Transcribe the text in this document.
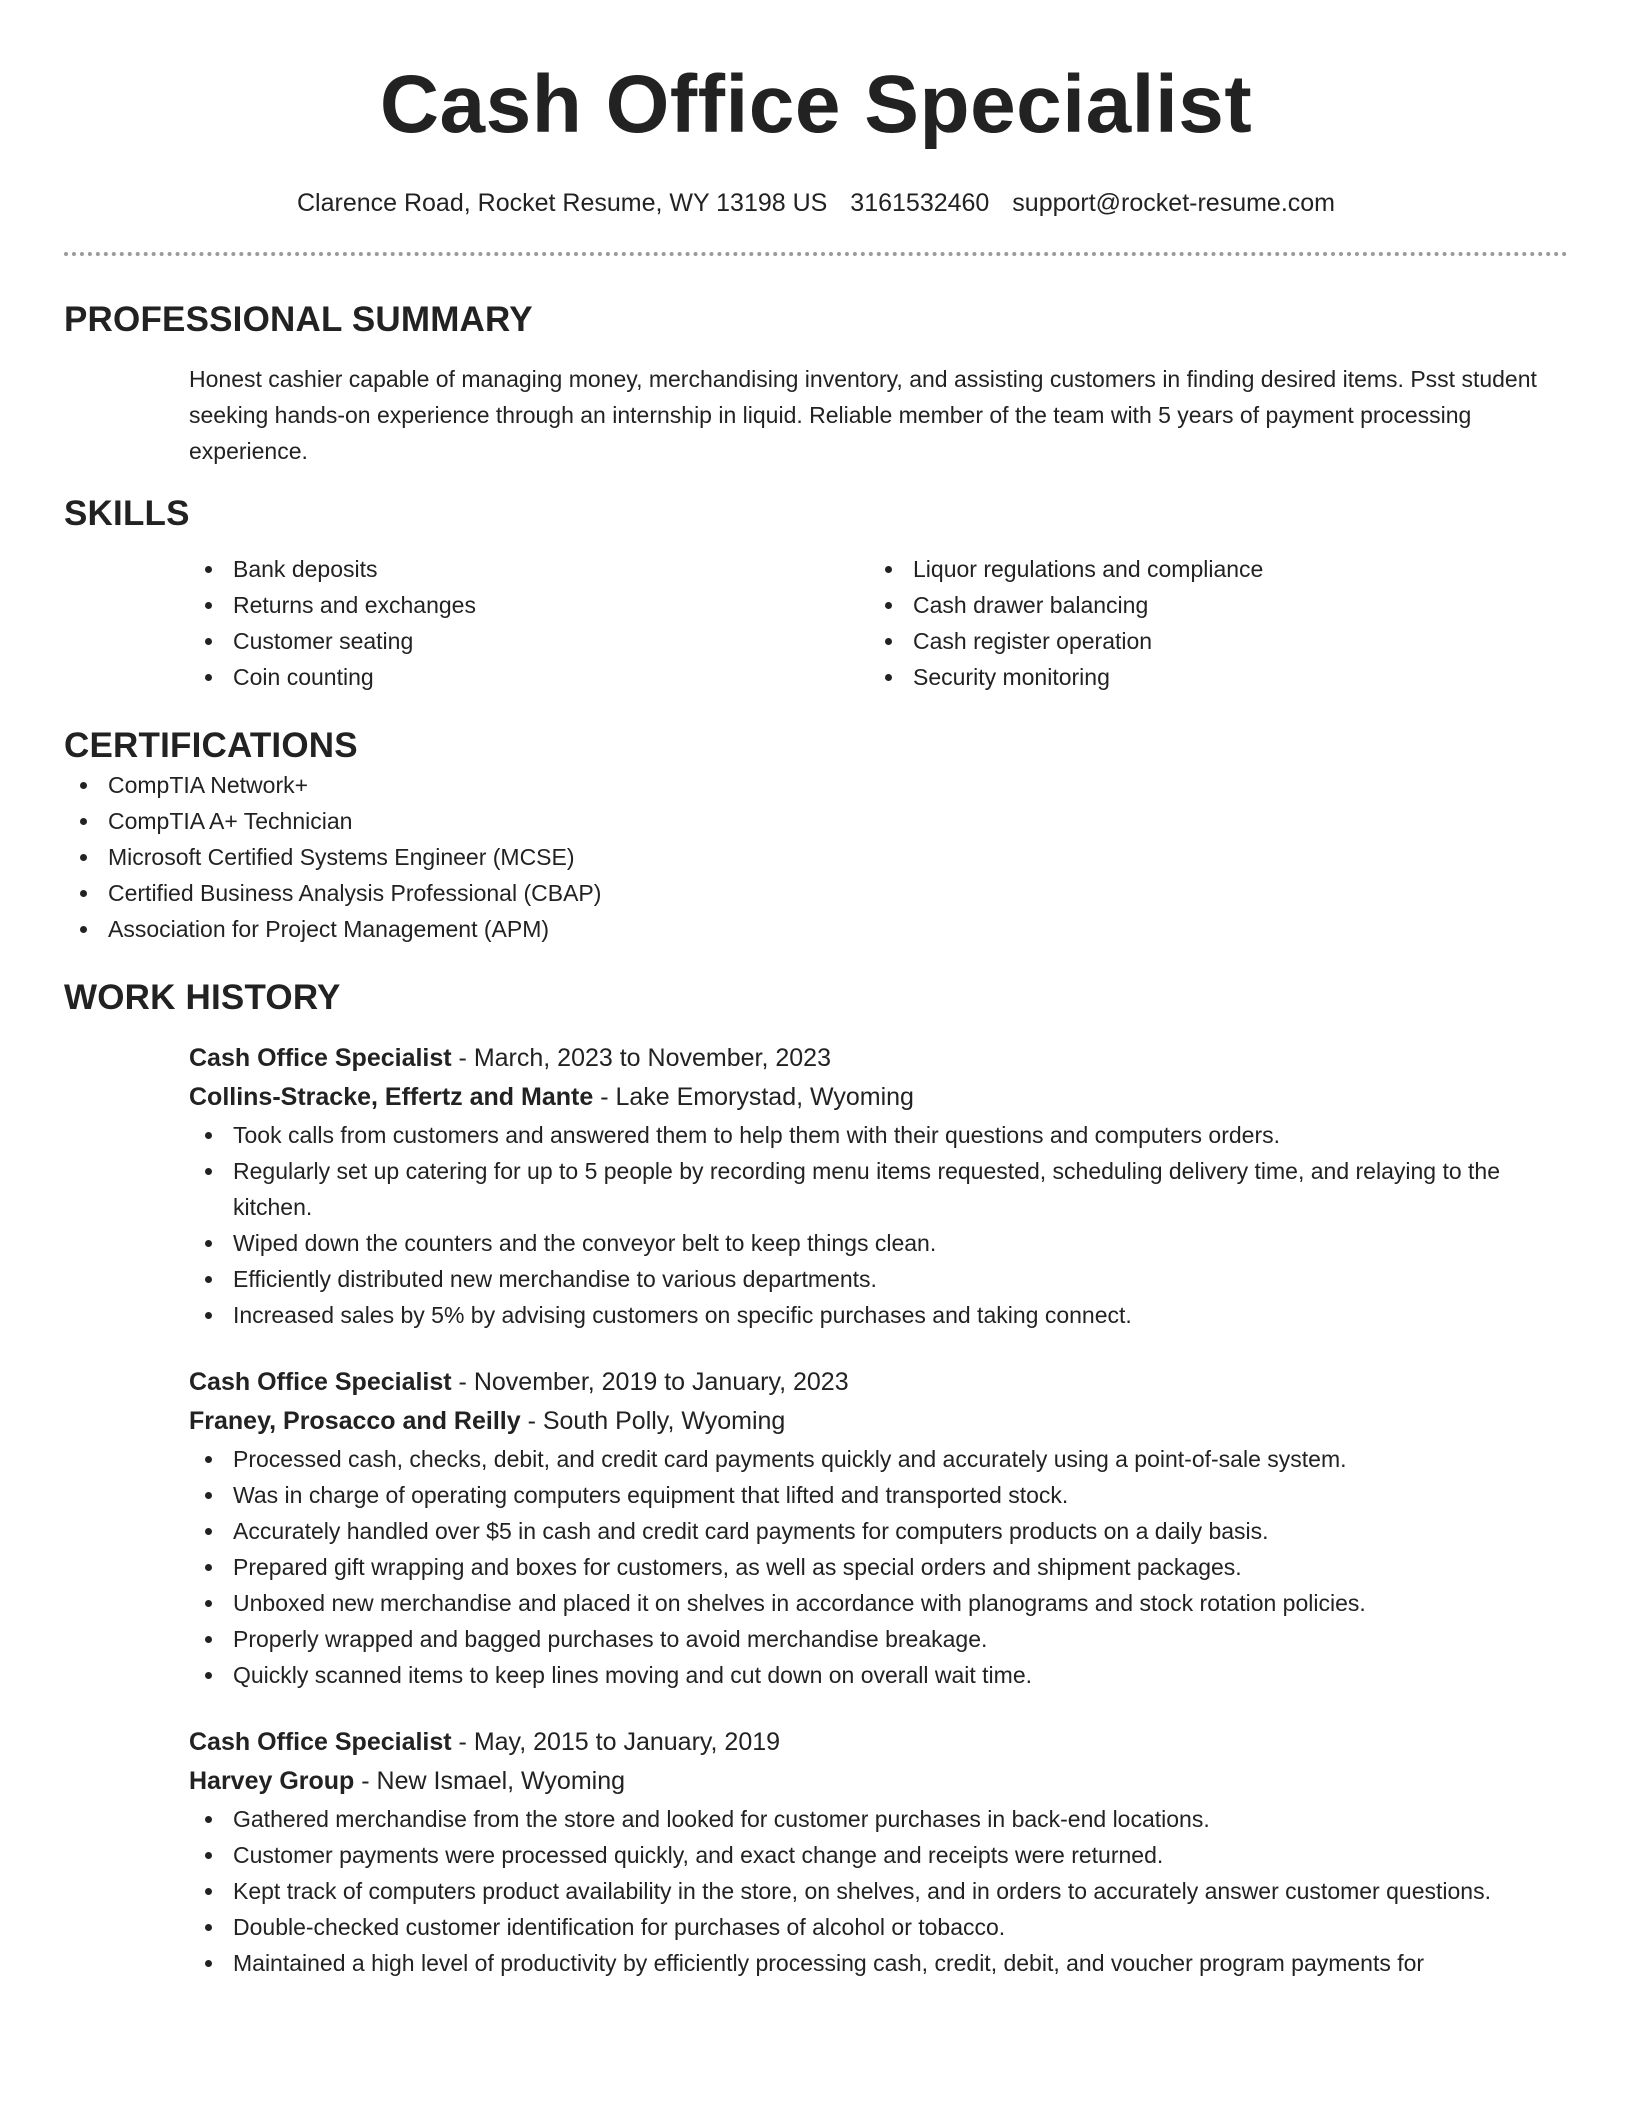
Cash Office Specialist
Clarence Road, Rocket Resume, WY 13198 US 3161532460 support@rocket-resume.com
PROFESSIONAL SUMMARY
Honest cashier capable of managing money, merchandising inventory, and assisting customers in finding desired items. Psst student seeking hands-on experience through an internship in liquid. Reliable member of the team with 5 years of payment processing experience.
SKILLS
Bank deposits
Returns and exchanges
Customer seating
Coin counting
Liquor regulations and compliance
Cash drawer balancing
Cash register operation
Security monitoring
CERTIFICATIONS
CompTIA Network+
CompTIA A+ Technician
Microsoft Certified Systems Engineer (MCSE)
Certified Business Analysis Professional (CBAP)
Association for Project Management (APM)
WORK HISTORY
Cash Office Specialist - March, 2023 to November, 2023
Collins-Stracke, Effertz and Mante - Lake Emorystad, Wyoming
Took calls from customers and answered them to help them with their questions and computers orders.
Regularly set up catering for up to 5 people by recording menu items requested, scheduling delivery time, and relaying to the kitchen.
Wiped down the counters and the conveyor belt to keep things clean.
Efficiently distributed new merchandise to various departments.
Increased sales by 5% by advising customers on specific purchases and taking connect.
Cash Office Specialist - November, 2019 to January, 2023
Franey, Prosacco and Reilly - South Polly, Wyoming
Processed cash, checks, debit, and credit card payments quickly and accurately using a point-of-sale system.
Was in charge of operating computers equipment that lifted and transported stock.
Accurately handled over $5 in cash and credit card payments for computers products on a daily basis.
Prepared gift wrapping and boxes for customers, as well as special orders and shipment packages.
Unboxed new merchandise and placed it on shelves in accordance with planograms and stock rotation policies.
Properly wrapped and bagged purchases to avoid merchandise breakage.
Quickly scanned items to keep lines moving and cut down on overall wait time.
Cash Office Specialist - May, 2015 to January, 2019
Harvey Group - New Ismael, Wyoming
Gathered merchandise from the store and looked for customer purchases in back-end locations.
Customer payments were processed quickly, and exact change and receipts were returned.
Kept track of computers product availability in the store, on shelves, and in orders to accurately answer customer questions.
Double-checked customer identification for purchases of alcohol or tobacco.
Maintained a high level of productivity by efficiently processing cash, credit, debit, and voucher program payments for
